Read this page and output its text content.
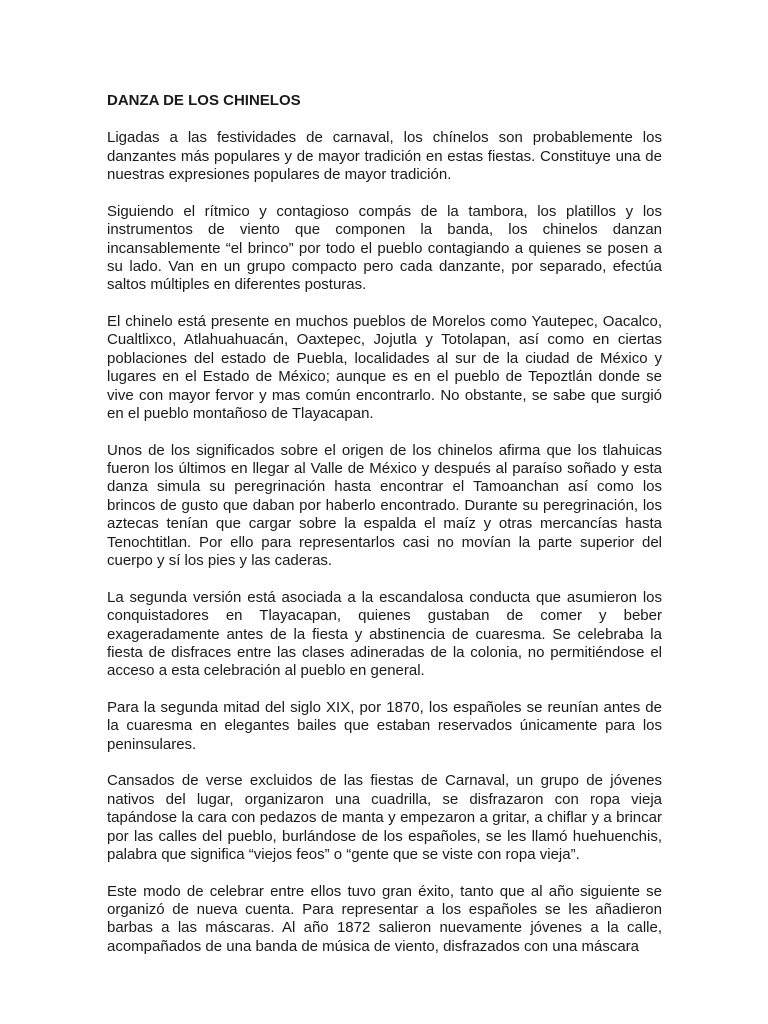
DANZA DE LOS CHINELOS

Ligadas a las festividades de carnaval, los chínelos son probablemente los danzantes más populares y de mayor tradición en estas fiestas. Constituye una de nuestras expresiones populares de mayor tradición.

Siguiendo el rítmico y contagioso compás de la tambora, los platillos y los instrumentos de viento que componen la banda, los chinelos danzan incansablemente “el brinco” por todo el pueblo contagiando a quienes se posen a su lado. Van en un grupo compacto pero cada danzante, por separado, efectúa saltos múltiples en diferentes posturas.

El chinelo está presente en muchos pueblos de Morelos como Yautepec, Oacalco, Cualtlixco, Atlahuahuacán, Oaxtepec, Jojutla y Totolapan, así como en ciertas poblaciones del estado de Puebla, localidades al sur de la ciudad de México y lugares en el Estado de México; aunque es en el pueblo de Tepoztlán donde se vive con mayor fervor y mas común encontrarlo. No obstante, se sabe que surgió en el pueblo montañoso de Tlayacapan.

Unos de los significados sobre el origen de los chinelos afirma que los tlahuicas fueron los últimos en llegar al Valle de México y después al paraíso soñado y esta danza simula su peregrinación hasta encontrar el Tamoanchan así como los brincos de gusto que daban por haberlo encontrado. Durante su peregrinación, los aztecas tenían que cargar sobre la espalda el maíz y otras mercancías hasta Tenochtitlan. Por ello para representarlos casi no movían la parte superior del cuerpo y sí los pies y las caderas.

La segunda versión está asociada a la escandalosa conducta que asumieron los conquistadores en Tlayacapan, quienes gustaban de comer y beber exageradamente antes de la fiesta y abstinencia de cuaresma. Se celebraba la fiesta de disfraces entre las clases adineradas de la colonia, no permitiéndose el acceso a esta celebración al pueblo en general.

Para la segunda mitad del siglo XIX, por 1870, los españoles se reunían antes de la cuaresma en elegantes bailes que estaban reservados únicamente para los peninsulares.

Cansados de verse excluidos de las fiestas de Carnaval, un grupo de jóvenes nativos del lugar, organizaron una cuadrilla, se disfrazaron con ropa vieja tapándose la cara con pedazos de manta y empezaron a gritar, a chiflar y a brincar por las calles del pueblo, burlándose de los españoles, se les llamó huehuenchis, palabra que significa “viejos feos” o “gente que se viste con ropa vieja”.

Este modo de celebrar entre ellos tuvo gran éxito, tanto que al año siguiente se organizó de nueva cuenta. Para representar a los españoles se les añadieron barbas a las máscaras. Al año 1872 salieron nuevamente jóvenes a la calle, acompañados de una banda de música de viento, disfrazados con una máscara
